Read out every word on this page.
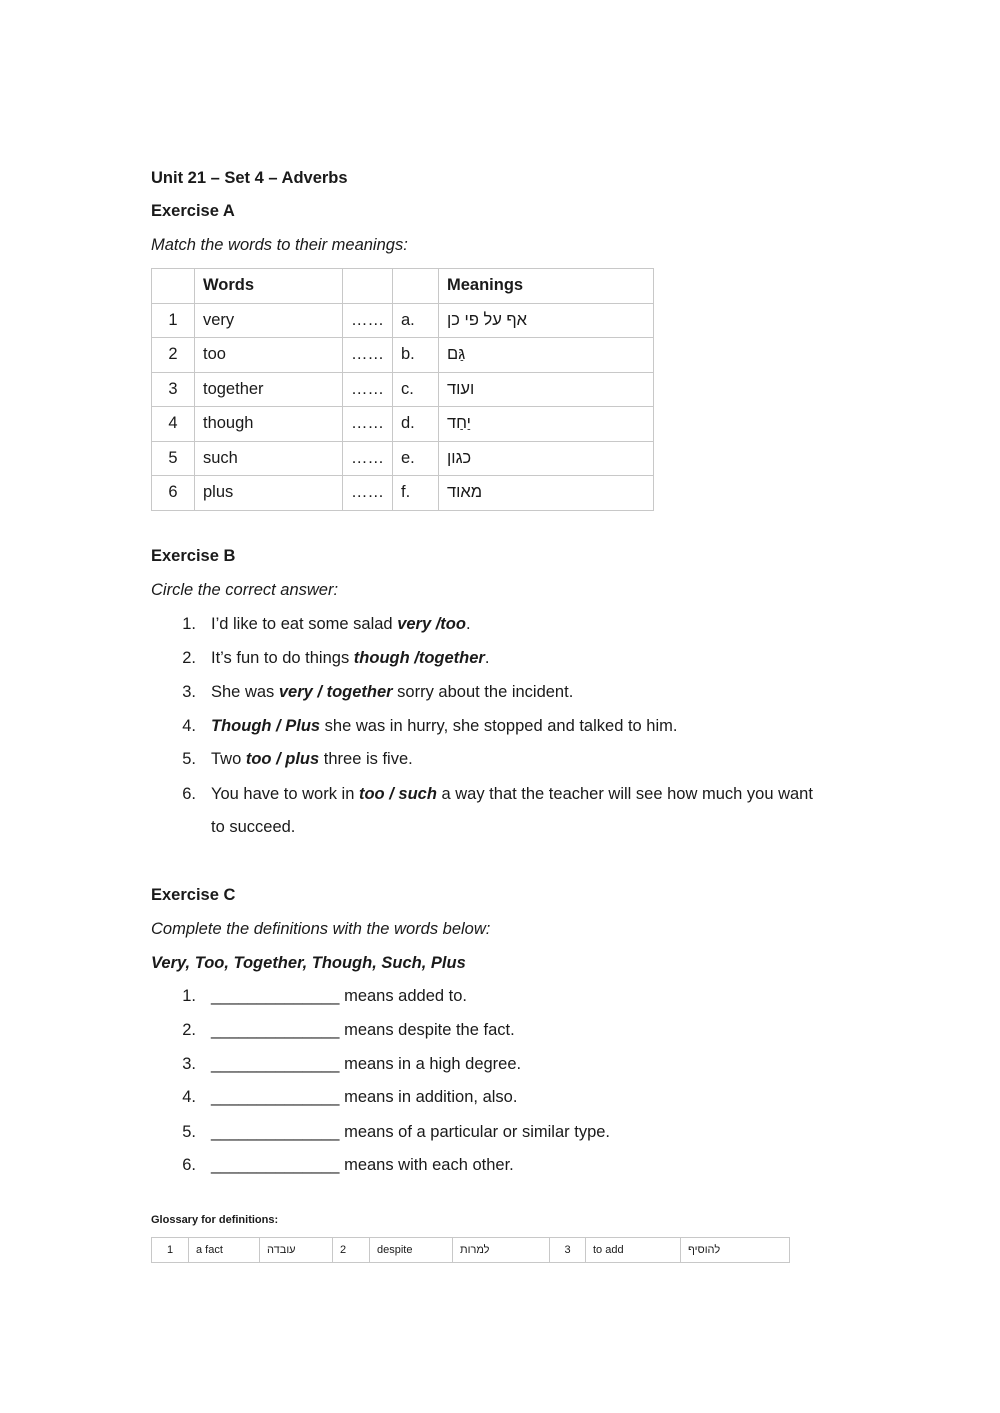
Unit 21 – Set 4 – Adverbs
Exercise A
Match the words to their meanings:
	Words			Meanings
1	very	……	a.	אף על פי כן
2	too	……	b.	גַּם
3	together	……	c.	ועוד
4	though	……	d.	יַחַד
5	such	……	e.	כגון
6	plus	……	f.	מאוד
Exercise B
Circle the correct answer:
1. I’d like to eat some salad very /too.
2. It’s fun to do things though /together.
3. She was very / together sorry about the incident.
4. Though / Plus she was in hurry, she stopped and talked to him.
5. Two too / plus three is five.
6. You have to work in too / such a way that the teacher will see how much you want
to succeed.
Exercise C
Complete the definitions with the words below:
Very, Too, Together, Though, Such, Plus
1. ______________ means added to.
2. ______________ means despite the fact.
3. ______________ means in a high degree.
4. ______________ means in addition, also.
5. ______________ means of a particular or similar type.
6. ______________ means with each other.
Glossary for definitions:
1	a fact	עובדה	2	despite	למרות	3	to add	להוסיף
